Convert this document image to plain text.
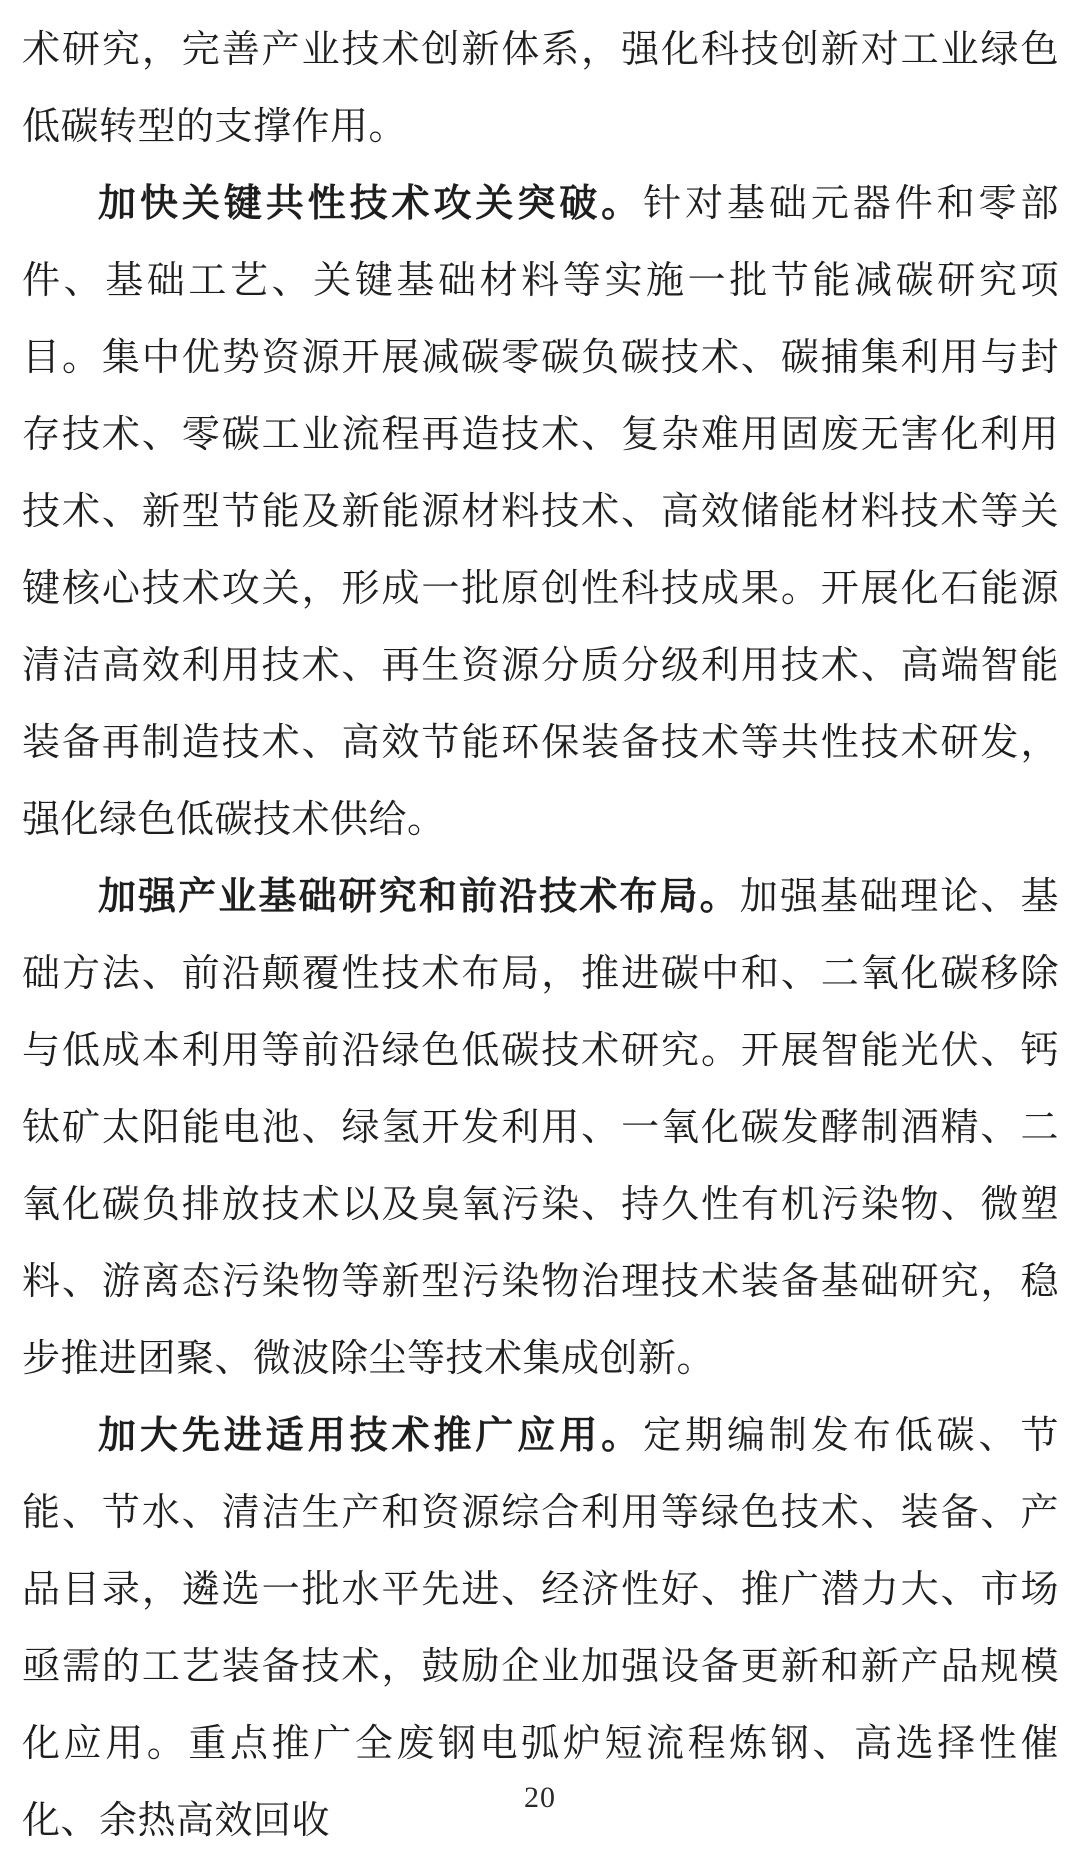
术研究，完善产业技术创新体系，强化科技创新对工业绿色低碳转型的支撑作用。

加快关键共性技术攻关突破。针对基础元器件和零部件、基础工艺、关键基础材料等实施一批节能减碳研究项目。集中优势资源开展减碳零碳负碳技术、碳捕集利用与封存技术、零碳工业流程再造技术、复杂难用固废无害化利用技术、新型节能及新能源材料技术、高效储能材料技术等关键核心技术攻关，形成一批原创性科技成果。开展化石能源清洁高效利用技术、再生资源分质分级利用技术、高端智能装备再制造技术、高效节能环保装备技术等共性技术研发，强化绿色低碳技术供给。

加强产业基础研究和前沿技术布局。加强基础理论、基础方法、前沿颠覆性技术布局，推进碳中和、二氧化碳移除与低成本利用等前沿绿色低碳技术研究。开展智能光伏、钙钛矿太阳能电池、绿氢开发利用、一氧化碳发酵制酒精、二氧化碳负排放技术以及臭氧污染、持久性有机污染物、微塑料、游离态污染物等新型污染物治理技术装备基础研究，稳步推进团聚、微波除尘等技术集成创新。

加大先进适用技术推广应用。定期编制发布低碳、节能、节水、清洁生产和资源综合利用等绿色技术、装备、产品目录，遴选一批水平先进、经济性好、推广潜力大、市场亟需的工艺装备技术，鼓励企业加强设备更新和新产品规模化应用。重点推广全废钢电弧炉短流程炼钢、高选择性催化、余热高效回收

20
